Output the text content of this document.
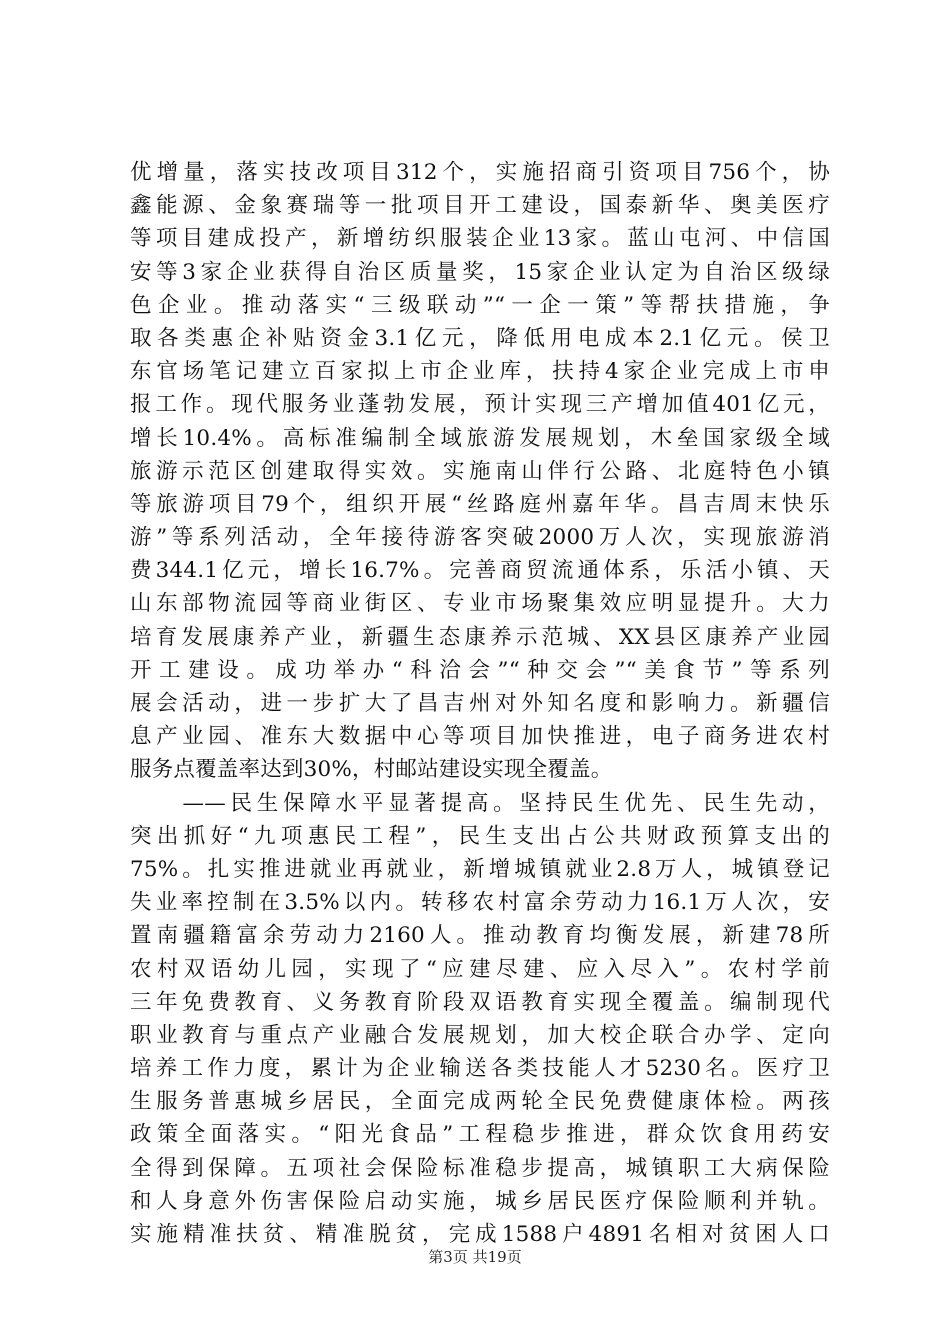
优增量，落实技改项目312个，实施招商引资项目756个，协
鑫能源、金象赛瑞等一批项目开工建设，国泰新华、奥美医疗
等项目建成投产，新增纺织服装企业13家。蓝山屯河、中信国
安等3家企业获得自治区质量奖，15家企业认定为自治区级绿
色企业。推动落实“三级联动”“一企一策”等帮扶措施，争
取各类惠企补贴资金3.1亿元，降低用电成本2.1亿元。侯卫
东官场笔记建立百家拟上市企业库，扶持4家企业完成上市申
报工作。现代服务业蓬勃发展，预计实现三产增加值401亿元，
增长10.4%。高标准编制全域旅游发展规划，木垒国家级全域
旅游示范区创建取得实效。实施南山伴行公路、北庭特色小镇
等旅游项目79个，组织开展“丝路庭州嘉年华。昌吉周末快乐
游”等系列活动，全年接待游客突破2000万人次，实现旅游消
费344.1亿元，增长16.7%。完善商贸流通体系，乐活小镇、天
山东部物流园等商业街区、专业市场聚集效应明显提升。大力
培育发展康养产业，新疆生态康养示范城、XX县区康养产业园
开工建设。成功举办“科洽会”“种交会”“美食节”等系列
展会活动，进一步扩大了昌吉州对外知名度和影响力。新疆信
息产业园、准东大数据中心等项目加快推进，电子商务进农村
服务点覆盖率达到30%，村邮站建设实现全覆盖。
　　——民生保障水平显著提高。坚持民生优先、民生先动，
突出抓好“九项惠民工程”，民生支出占公共财政预算支出的
75%。扎实推进就业再就业，新增城镇就业2.8万人，城镇登记
失业率控制在3.5%以内。转移农村富余劳动力16.1万人次，安
置南疆籍富余劳动力2160人。推动教育均衡发展，新建78所
农村双语幼儿园，实现了“应建尽建、应入尽入”。农村学前
三年免费教育、义务教育阶段双语教育实现全覆盖。编制现代
职业教育与重点产业融合发展规划，加大校企联合办学、定向
培养工作力度，累计为企业输送各类技能人才5230名。医疗卫
生服务普惠城乡居民，全面完成两轮全民免费健康体检。两孩
政策全面落实。“阳光食品”工程稳步推进，群众饮食用药安
全得到保障。五项社会保险标准稳步提高，城镇职工大病保险
和人身意外伤害保险启动实施，城乡居民医疗保险顺利并轨。
实施精准扶贫、精准脱贫，完成1588户4891名相对贫困人口
第3页 共19页
